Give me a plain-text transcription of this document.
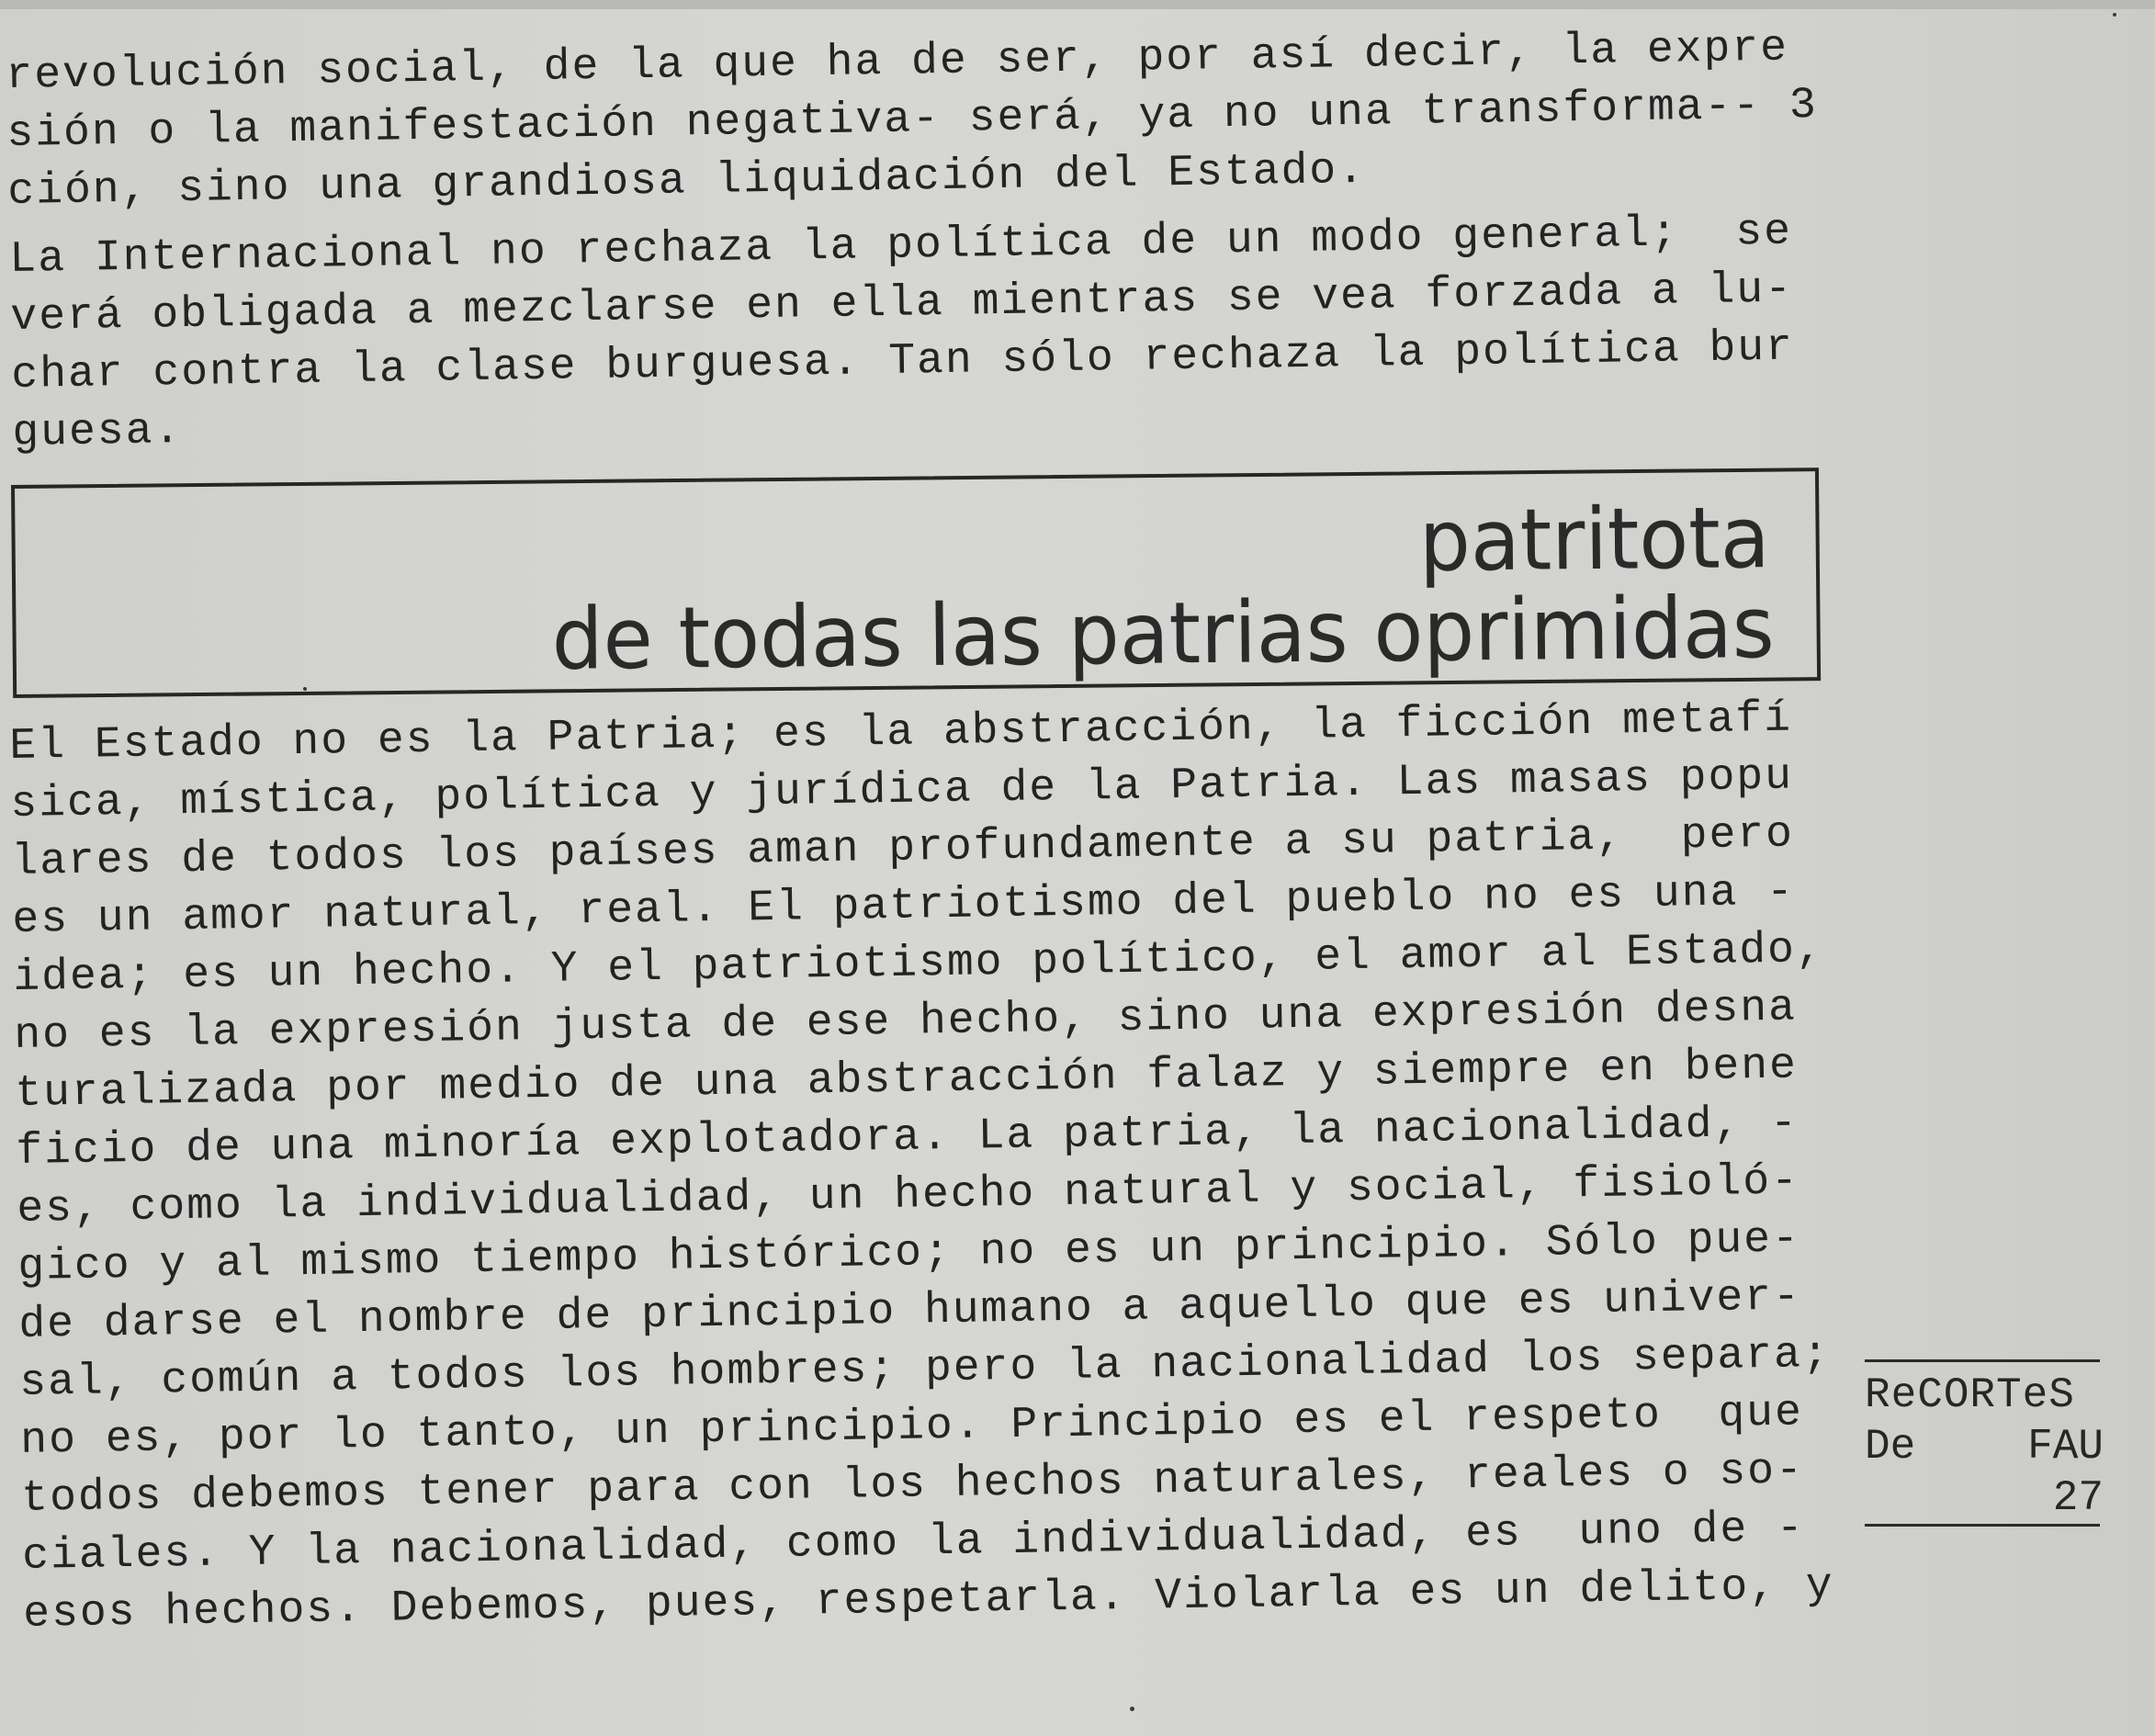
revolución social, de la que ha de ser, por así decir, la expre
sión o la manifestación negativa- será, ya no una transforma-- 3
ción, sino una grandiosa liquidación del Estado.
La Internacional no rechaza la política de un modo general;  se
verá obligada a mezclarse en ella mientras se vea forzada a lu-
char contra la clase burguesa. Tan sólo rechaza la política bur
guesa.
patritota
de todas las patrias oprimidas
El Estado no es la Patria; es la abstracción, la ficción metafí
sica, mística, política y jurídica de la Patria. Las masas popu
lares de todos los países aman profundamente a su patria,  pero
es un amor natural, real. El patriotismo del pueblo no es una -
idea; es un hecho. Y el patriotismo político, el amor al Estado,
no es la expresión justa de ese hecho, sino una expresión desna
turalizada por medio de una abstracción falaz y siempre en bene
ficio de una minoría explotadora. La patria, la nacionalidad, -
es, como la individualidad, un hecho natural y social, fisioló-
gico y al mismo tiempo histórico; no es un principio. Sólo pue-
de darse el nombre de principio humano a aquello que es univer-
sal, común a todos los hombres; pero la nacionalidad los separa;
no es, por lo tanto, un principio. Principio es el respeto  que
todos debemos tener para con los hechos naturales, reales o so-
ciales. Y la nacionalidad, como la individualidad, es  uno de -
esos hechos. Debemos, pues, respetarla. Violarla es un delito, y
ReCORTeS
De	FAU
27
